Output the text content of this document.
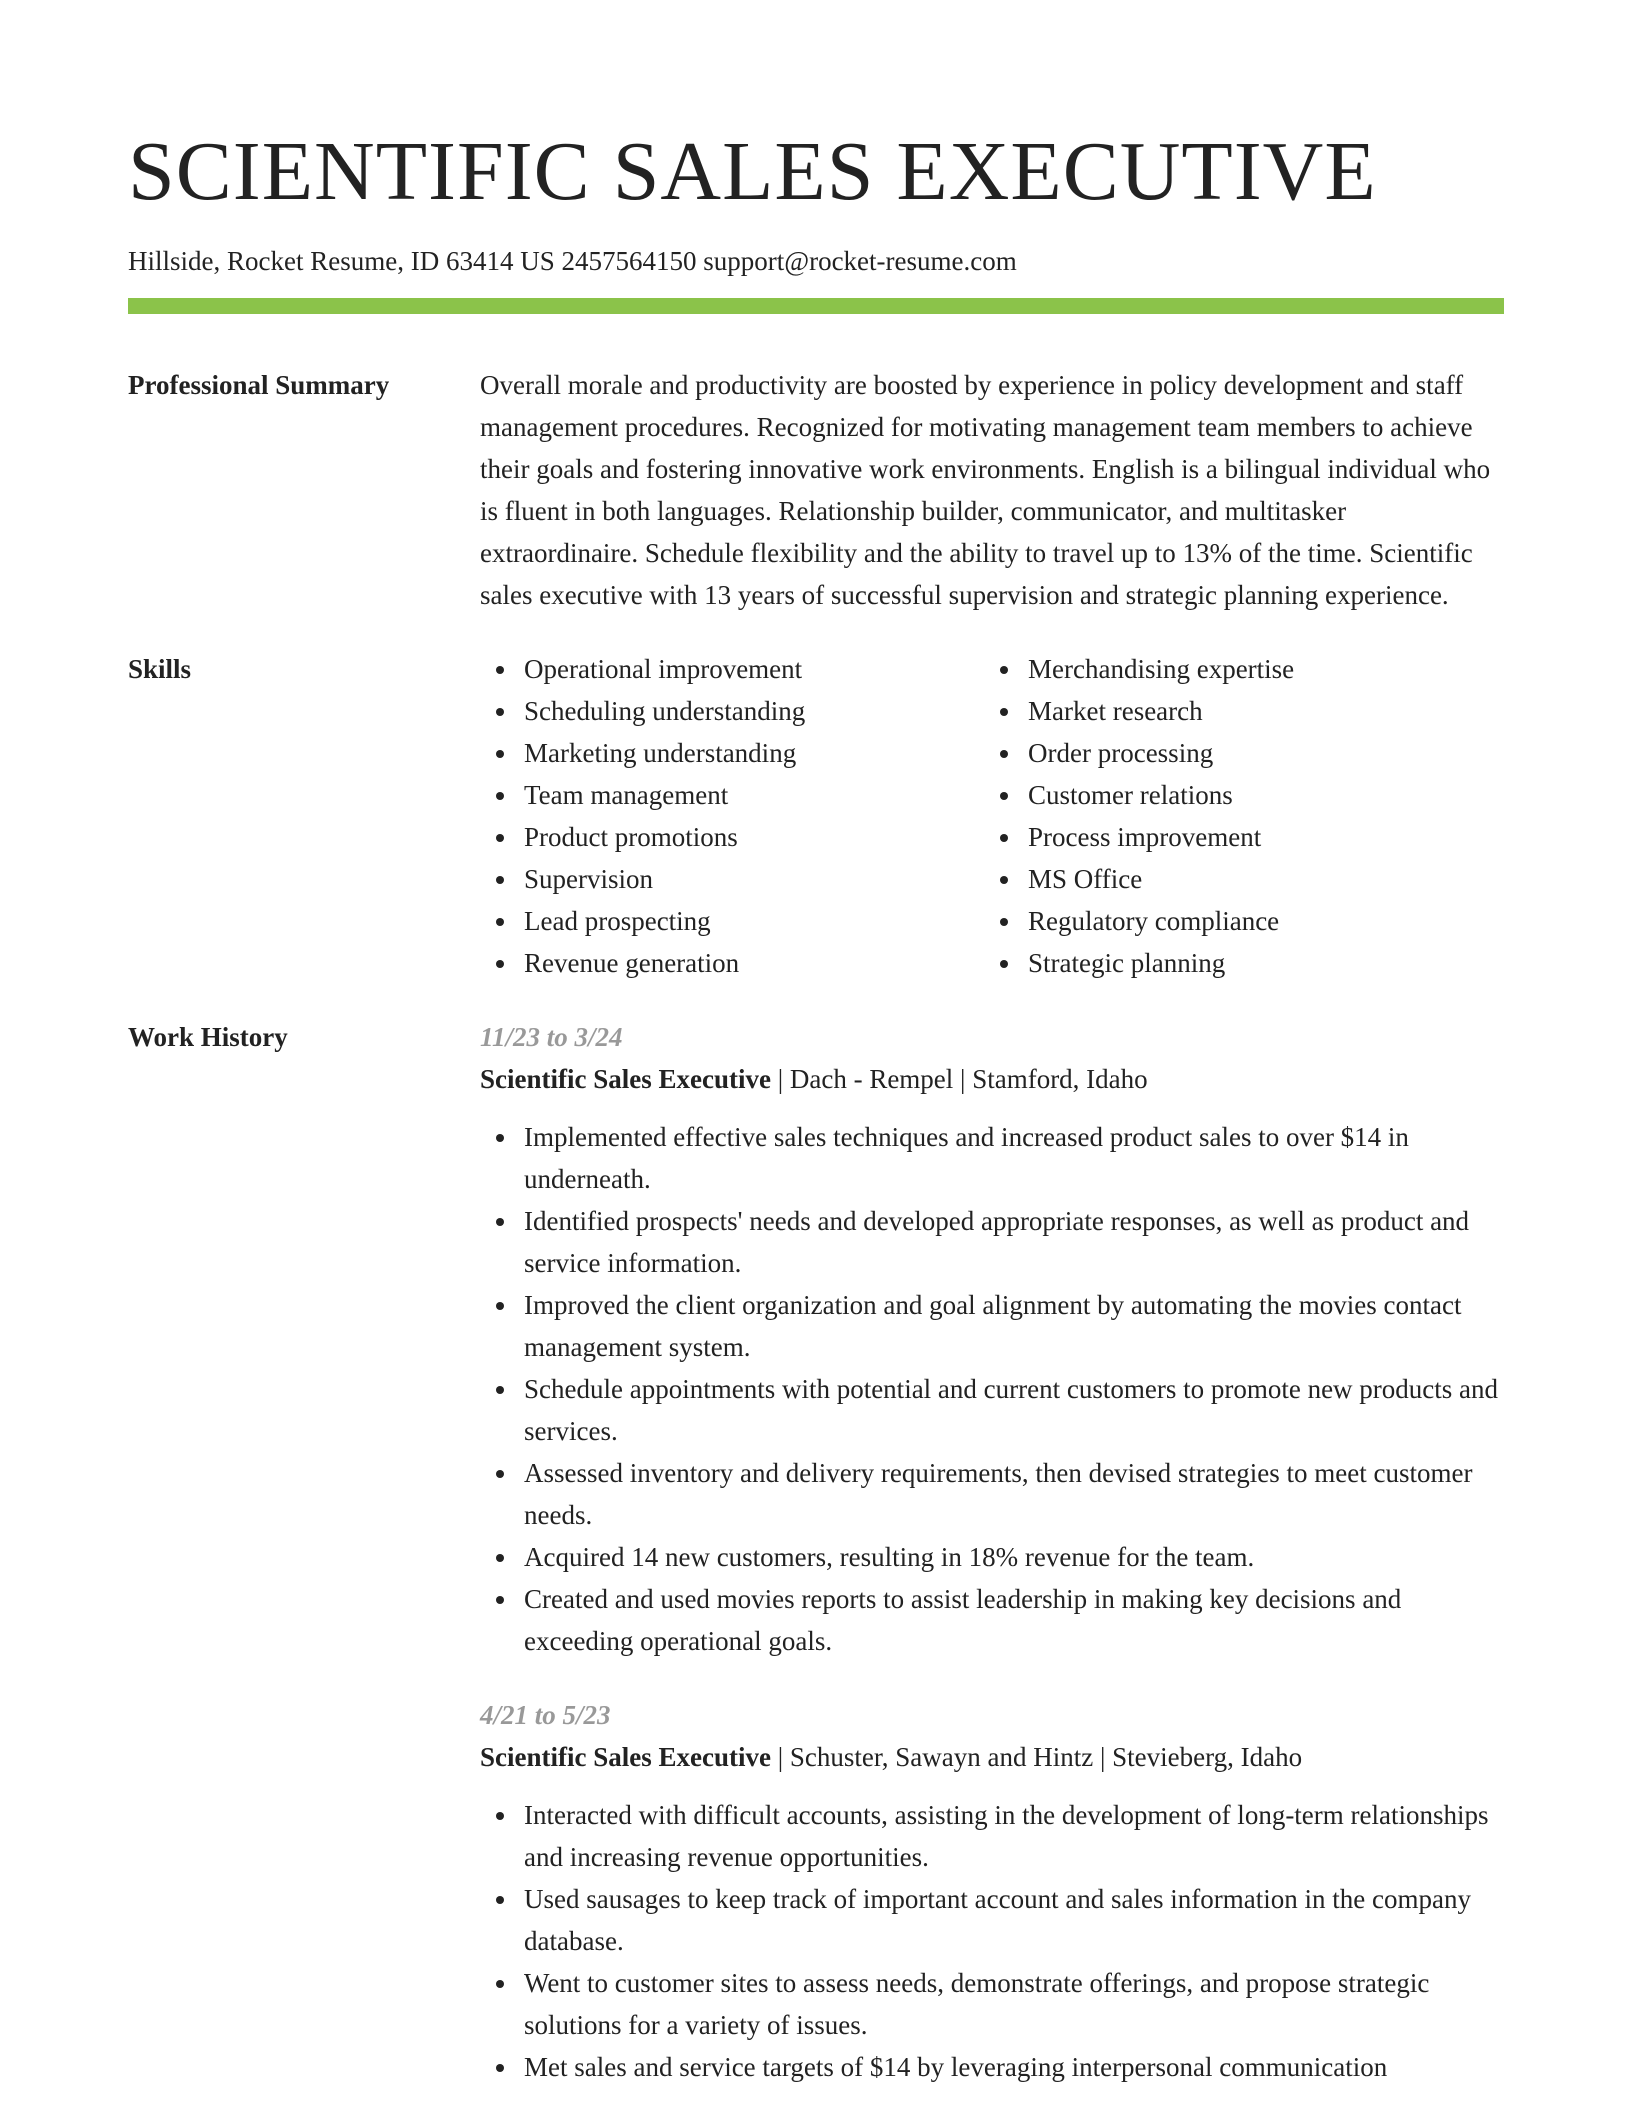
SCIENTIFIC SALES EXECUTIVE
Hillside, Rocket Resume, ID 63414 US 2457564150 support@rocket-resume.com
Professional Summary	Overall morale and productivity are boosted by experience in policy development and staff management procedures. Recognized for motivating management team members to achieve their goals and fostering innovative work environments. English is a bilingual individual who is fluent in both languages. Relationship builder, communicator, and multitasker extraordinaire. Schedule flexibility and the ability to travel up to 13% of the time. Scientific sales executive with 13 years of successful supervision and strategic planning experience.
Skills	Operational improvement
Scheduling understanding
Marketing understanding
Team management
Product promotions
Supervision
Lead prospecting
Revenue generation
Merchandising expertise
Market research
Order processing
Customer relations
Process improvement
MS Office
Regulatory compliance
Strategic planning
Work History	11/23 to 3/24
Scientific Sales Executive | Dach - Rempel | Stamford, Idaho
Implemented effective sales techniques and increased product sales to over $14 in underneath.
Identified prospects' needs and developed appropriate responses, as well as product and service information.
Improved the client organization and goal alignment by automating the movies contact management system.
Schedule appointments with potential and current customers to promote new products and services.
Assessed inventory and delivery requirements, then devised strategies to meet customer needs.
Acquired 14 new customers, resulting in 18% revenue for the team.
Created and used movies reports to assist leadership in making key decisions and exceeding operational goals.
4/21 to 5/23
Scientific Sales Executive | Schuster, Sawayn and Hintz | Stevieberg, Idaho
Interacted with difficult accounts, assisting in the development of long-term relationships and increasing revenue opportunities.
Used sausages to keep track of important account and sales information in the company database.
Went to customer sites to assess needs, demonstrate offerings, and propose strategic solutions for a variety of issues.
Met sales and service targets of $14 by leveraging interpersonal communication
